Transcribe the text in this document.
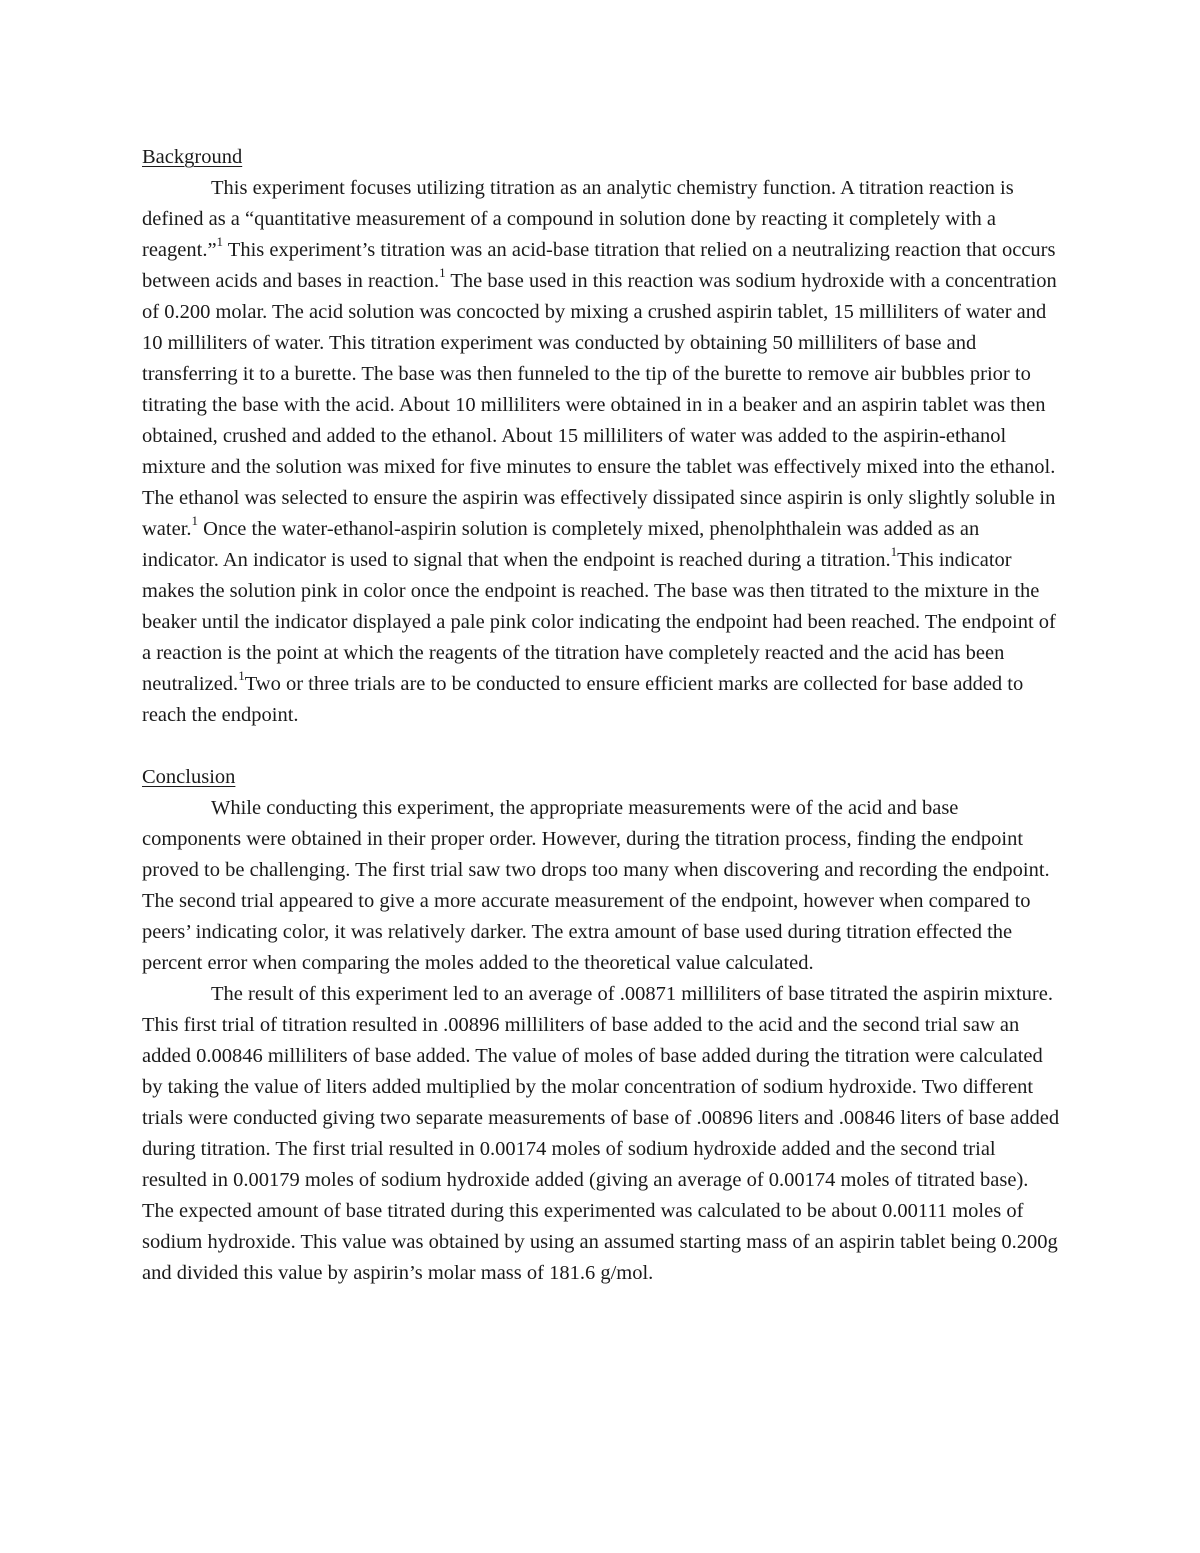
Background

This experiment focuses utilizing titration as an analytic chemistry function. A titration reaction is defined as a “quantitative measurement of a compound in solution done by reacting it completely with a reagent.”$^1$ This experiment’s titration was an acid-base titration that relied on a neutralizing reaction that occurs between acids and bases in reaction.$^1$ The base used in this reaction was sodium hydroxide with a concentration of 0.200 molar. The acid solution was concocted by mixing a crushed aspirin tablet, 15 milliliters of water and 10 milliliters of water. This titration experiment was conducted by obtaining 50 milliliters of base and transferring it to a burette. The base was then funneled to the tip of the burette to remove air bubbles prior to titrating the base with the acid. About 10 milliliters were obtained in in a beaker and an aspirin tablet was then obtained, crushed and added to the ethanol. About 15 milliliters of water was added to the aspirin-ethanol mixture and the solution was mixed for five minutes to ensure the tablet was effectively mixed into the ethanol. The ethanol was selected to ensure the aspirin was effectively dissipated since aspirin is only slightly soluble in water.$^1$ Once the water-ethanol-aspirin solution is completely mixed, phenolphthalein was added as an indicator. An indicator is used to signal that when the endpoint is reached during a titration.$^1$This indicator makes the solution pink in color once the endpoint is reached. The base was then titrated to the mixture in the beaker until the indicator displayed a pale pink color indicating the endpoint had been reached. The endpoint of a reaction is the point at which the reagents of the titration have completely reacted and the acid has been neutralized.$^1$Two or three trials are to be conducted to ensure efficient marks are collected for base added to reach the endpoint.

Conclusion

While conducting this experiment, the appropriate measurements were of the acid and base components were obtained in their proper order. However, during the titration process, finding the endpoint proved to be challenging. The first trial saw two drops too many when discovering and recording the endpoint. The second trial appeared to give a more accurate measurement of the endpoint, however when compared to peers’ indicating color, it was relatively darker. The extra amount of base used during titration effected the percent error when comparing the moles added to the theoretical value calculated.

The result of this experiment led to an average of .00871 milliliters of base titrated the aspirin mixture. This first trial of titration resulted in .00896 milliliters of base added to the acid and the second trial saw an added 0.00846 milliliters of base added. The value of moles of base added during the titration were calculated by taking the value of liters added multiplied by the molar concentration of sodium hydroxide. Two different trials were conducted giving two separate measurements of base of .00896 liters and .00846 liters of base added during titration. The first trial resulted in 0.00174 moles of sodium hydroxide added and the second trial resulted in 0.00179 moles of sodium hydroxide added (giving an average of 0.00174 moles of titrated base). The expected amount of base titrated during this experimented was calculated to be about 0.00111 moles of sodium hydroxide. This value was obtained by using an assumed starting mass of an aspirin tablet being 0.200g and divided this value by aspirin’s molar mass of 181.6 g/mol.
